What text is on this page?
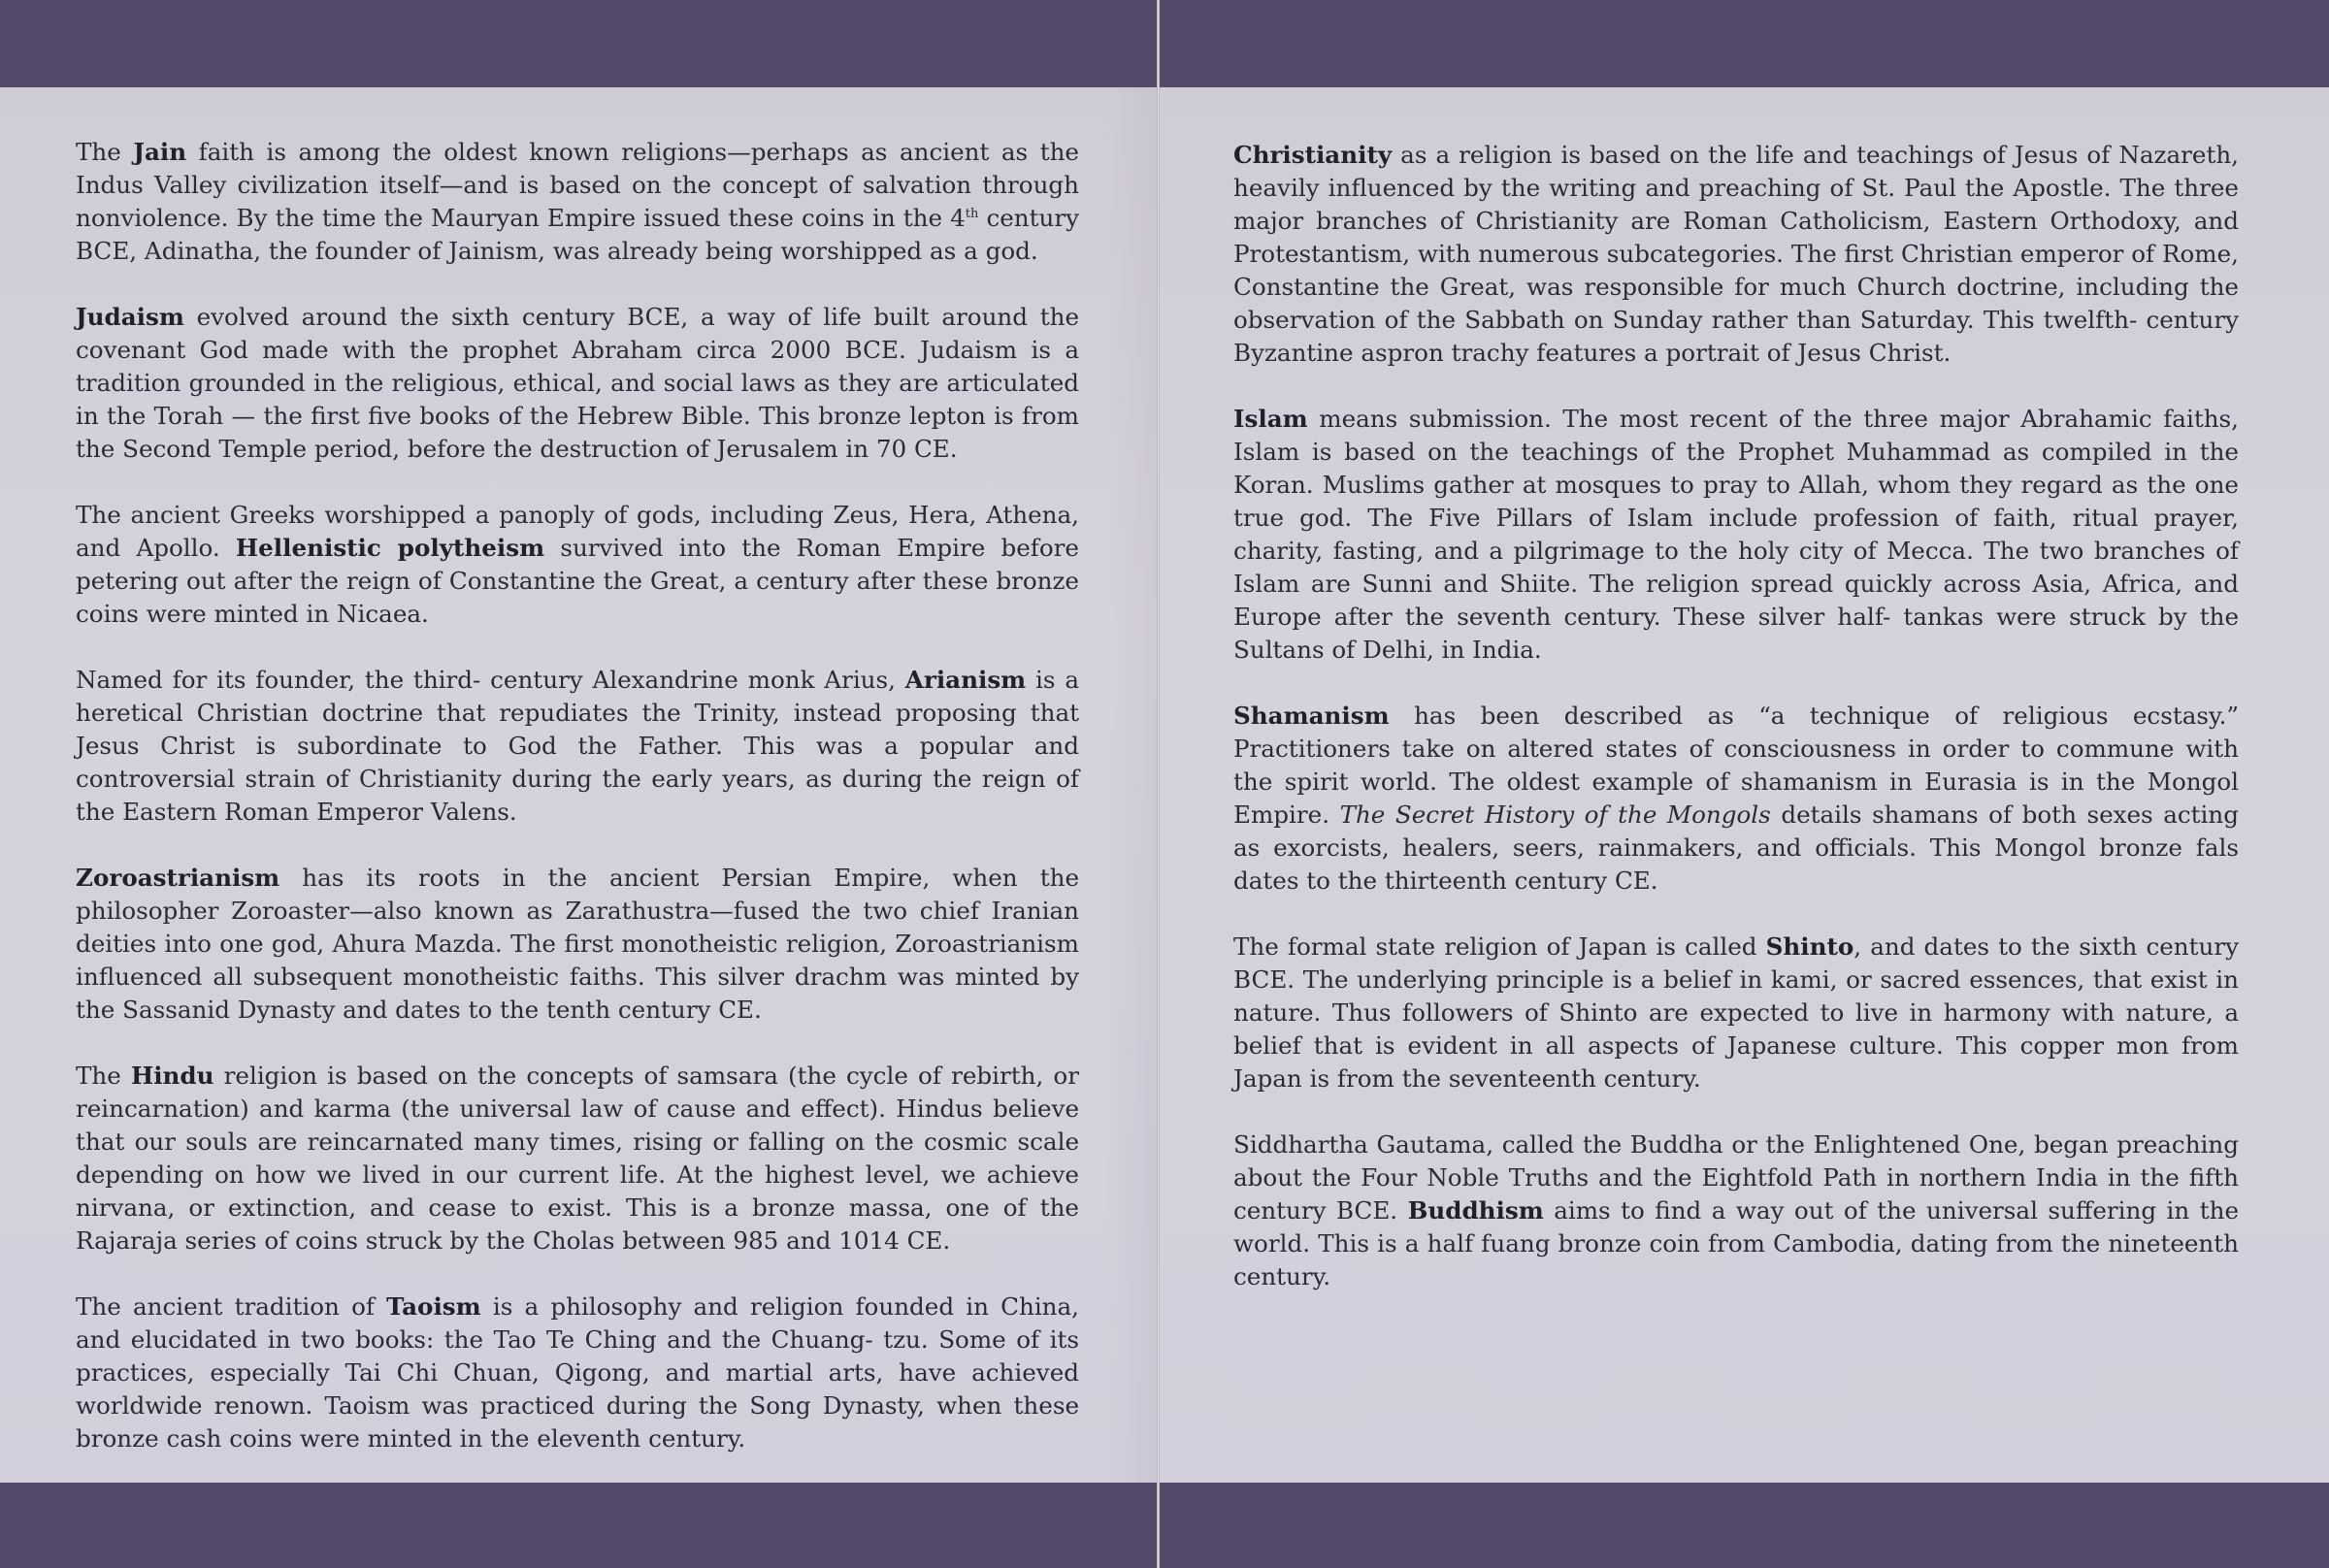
The Jain faith is among the oldest known religions—perhaps as ancient as the Indus Valley civilization itself—and is based on the concept of salvation through nonviolence. By the time the Mauryan Empire issued these coins in the 4th century BCE, Adinatha, the founder of Jainism, was already being worshipped as a god.

Judaism evolved around the sixth century BCE, a way of life built around the covenant God made with the prophet Abraham circa 2000 BCE. Judaism is a tradition grounded in the religious, ethical, and social laws as they are articulated in the Torah — the first five books of the Hebrew Bible. This bronze lepton is from the Second Temple period, before the destruction of Jerusalem in 70 CE.

The ancient Greeks worshipped a panoply of gods, including Zeus, Hera, Athena, and Apollo. Hellenistic polytheism survived into the Roman Empire before petering out after the reign of Constantine the Great, a century after these bronze coins were minted in Nicaea.

Named for its founder, the third- century Alexandrine monk Arius, Arianism is a heretical Christian doctrine that repudiates the Trinity, instead proposing that Jesus Christ is subordinate to God the Father. This was a popular and controversial strain of Christianity during the early years, as during the reign of the Eastern Roman Emperor Valens.

Zoroastrianism has its roots in the ancient Persian Empire, when the philosopher Zoroaster—also known as Zarathustra—fused the two chief Iranian deities into one god, Ahura Mazda. The first monotheistic religion, Zoroastrianism influenced all subsequent monotheistic faiths. This silver drachm was minted by the Sassanid Dynasty and dates to the tenth century CE.

The Hindu religion is based on the concepts of samsara (the cycle of rebirth, or reincarnation) and karma (the universal law of cause and effect). Hindus believe that our souls are reincarnated many times, rising or falling on the cosmic scale depending on how we lived in our current life. At the highest level, we achieve nirvana, or extinction, and cease to exist. This is a bronze massa, one of the Rajaraja series of coins struck by the Cholas between 985 and 1014 CE.

The ancient tradition of Taoism is a philosophy and religion founded in China, and elucidated in two books: the Tao Te Ching and the Chuang- tzu. Some of its practices, especially Tai Chi Chuan, Qigong, and martial arts, have achieved worldwide renown. Taoism was practiced during the Song Dynasty, when these bronze cash coins were minted in the eleventh century.

Christianity as a religion is based on the life and teachings of Jesus of Nazareth, heavily influenced by the writing and preaching of St. Paul the Apostle. The three major branches of Christianity are Roman Catholicism, Eastern Orthodoxy, and Protestantism, with numerous subcategories. The first Christian emperor of Rome, Constantine the Great, was responsible for much Church doctrine, including the observation of the Sabbath on Sunday rather than Saturday. This twelfth- century Byzantine aspron trachy features a portrait of Jesus Christ.

Islam means submission. The most recent of the three major Abrahamic faiths, Islam is based on the teachings of the Prophet Muhammad as compiled in the Koran. Muslims gather at mosques to pray to Allah, whom they regard as the one true god. The Five Pillars of Islam include profession of faith, ritual prayer, charity, fasting, and a pilgrimage to the holy city of Mecca. The two branches of Islam are Sunni and Shiite. The religion spread quickly across Asia, Africa, and Europe after the seventh century. These silver half- tankas were struck by the Sultans of Delhi, in India.

Shamanism has been described as “a technique of religious ecstasy.” Practitioners take on altered states of consciousness in order to commune with the spirit world. The oldest example of shamanism in Eurasia is in the Mongol Empire. The Secret History of the Mongols details shamans of both sexes acting as exorcists, healers, seers, rainmakers, and officials. This Mongol bronze fals dates to the thirteenth century CE.

The formal state religion of Japan is called Shinto, and dates to the sixth century BCE. The underlying principle is a belief in kami, or sacred essences, that exist in nature. Thus followers of Shinto are expected to live in harmony with nature, a belief that is evident in all aspects of Japanese culture. This copper mon from Japan is from the seventeenth century.

Siddhartha Gautama, called the Buddha or the Enlightened One, began preaching about the Four Noble Truths and the Eightfold Path in northern India in the fifth century BCE. Buddhism aims to find a way out of the universal suffering in the world. This is a half fuang bronze coin from Cambodia, dating from the nineteenth century.
